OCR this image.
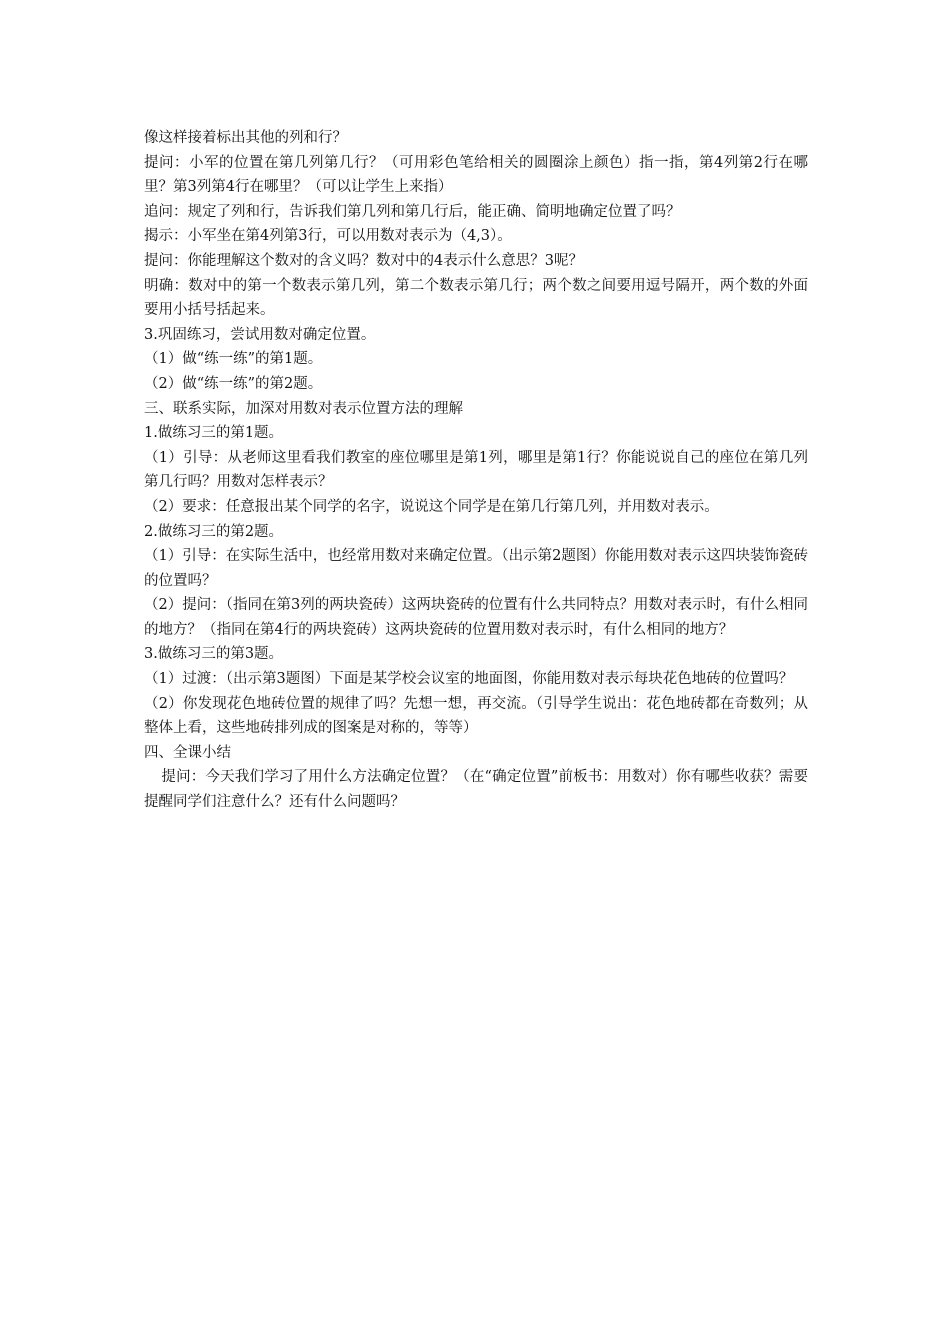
像这样接着标出其他的列和行？

提问：小军的位置在第几列第几行？（可用彩色笔给相关的圆圈涂上颜色）指一指，第4列第2行在哪里？第3列第4行在哪里？（可以让学生上来指）

追问：规定了列和行，告诉我们第几列和第几行后，能正确、简明地确定位置了吗？

揭示：小军坐在第4列第3行，可以用数对表示为（4,3）。

提问：你能理解这个数对的含义吗？数对中的4表示什么意思？3呢？

明确：数对中的第一个数表示第几列，第二个数表示第几行；两个数之间要用逗号隔开，两个数的外面要用小括号括起来。

3.巩固练习，尝试用数对确定位置。

（1）做“练一练”的第1题。

（2）做“练一练”的第2题。

三、联系实际，加深对用数对表示位置方法的理解

1.做练习三的第1题。

（1）引导：从老师这里看我们教室的座位哪里是第1列，哪里是第1行？你能说说自己的座位在第几列第几行吗？用数对怎样表示？

（2）要求：任意报出某个同学的名字，说说这个同学是在第几行第几列，并用数对表示。

2.做练习三的第2题。

（1）引导：在实际生活中，也经常用数对来确定位置。（出示第2题图）你能用数对表示这四块装饰瓷砖的位置吗？

（2）提问：（指同在第3列的两块瓷砖）这两块瓷砖的位置有什么共同特点？用数对表示时，有什么相同的地方？（指同在第4行的两块瓷砖）这两块瓷砖的位置用数对表示时，有什么相同的地方？

3.做练习三的第3题。

（1）过渡：（出示第3题图）下面是某学校会议室的地面图，你能用数对表示每块花色地砖的位置吗？

（2）你发现花色地砖位置的规律了吗？先想一想，再交流。（引导学生说出：花色地砖都在奇数列；从整体上看，这些地砖排列成的图案是对称的，等等）

四、全课小结

提问：今天我们学习了用什么方法确定位置？（在“确定位置”前板书：用数对）你有哪些收获？需要提醒同学们注意什么？还有什么问题吗？
